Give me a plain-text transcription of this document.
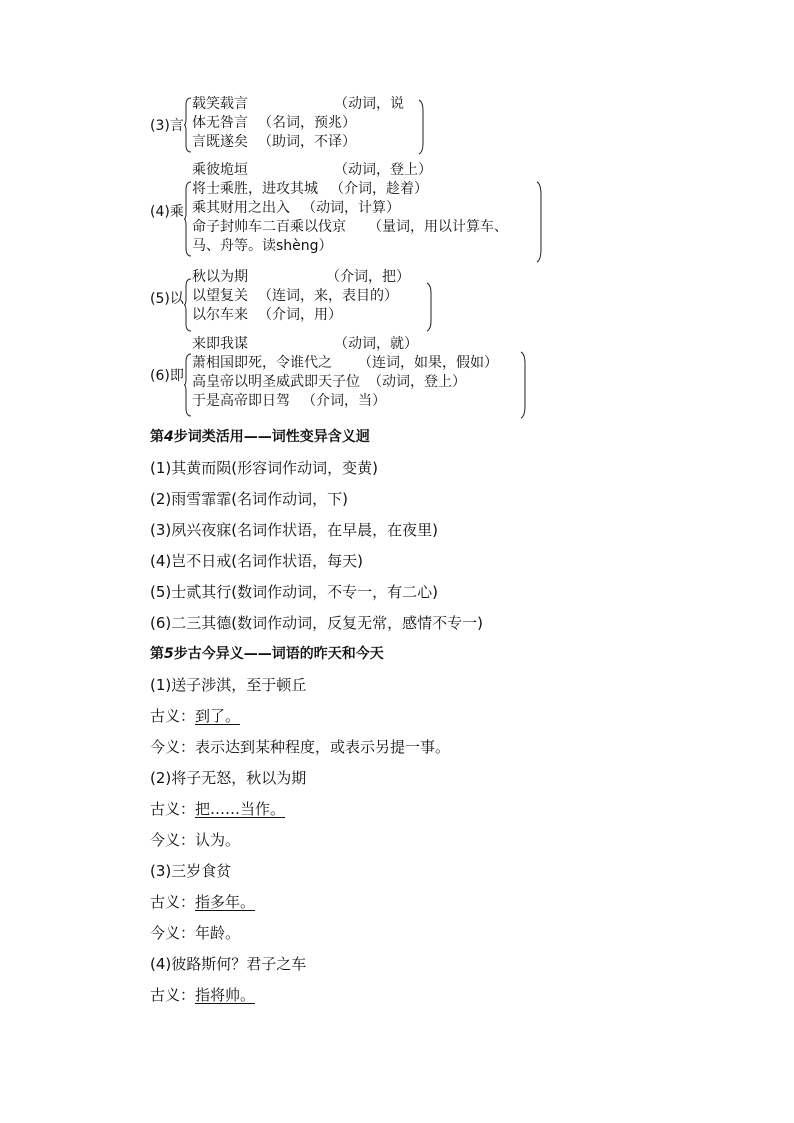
(3)言
载笑载言	（动词，说
体无咎言 （名词，预兆）
言既遂矣 （助词，不译）
(4)乘
乘彼垝垣	（动词，登上）
将士乘胜，进攻其城 （介词，趁着）
乘其财用之出入 （动词，计算）
命子封帅车二百乘以伐京 （量词，用以计算车、
马、舟等。读shèng）
(5)以
秋以为期	（介词，把）
以望复关 （连词，来，表目的）
以尔车来 （介词，用）
(6)即
来即我谋	（动词，就）
萧相国即死，令谁代之 （连词，如果，假如）
高皇帝以明圣威武即天子位 （动词，登上）
于是高帝即日驾 （介词，当）
第4步词类活用——词性变异含义迥
(1)其黄而陨(形容词作动词，变黄)
(2)雨雪霏霏(名词作动词，下)
(3)夙兴夜寐(名词作状语，在早晨，在夜里)
(4)岂不日戒(名词作状语，每天)
(5)士贰其行(数词作动词，不专一，有二心)
(6)二三其德(数词作动词，反复无常，感情不专一)
第5步古今异义——词语的昨天和今天
(1)送子涉淇，至于顿丘
古义：到了。
今义：表示达到某种程度，或表示另提一事。
(2)将子无怒，秋以为期
古义：把……当作。
今义：认为。
(3)三岁食贫
古义：指多年。
今义：年龄。
(4)彼路斯何？君子之车
古义：指将帅。
